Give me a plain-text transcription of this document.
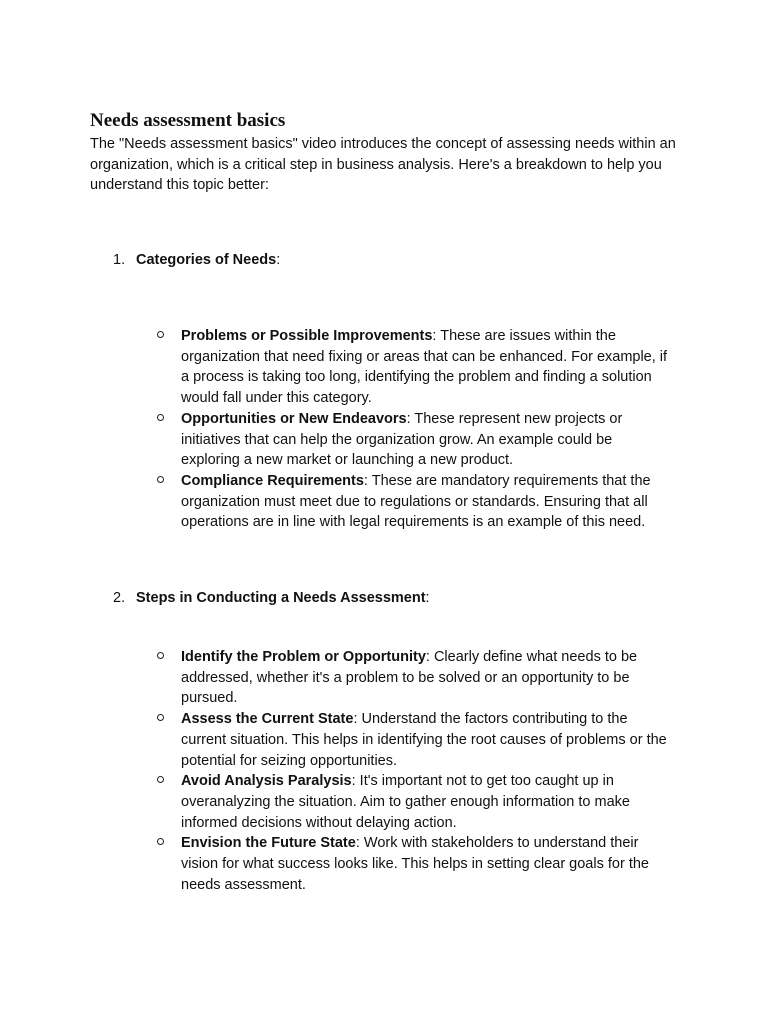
Needs assessment basics

The "Needs assessment basics" video introduces the concept of assessing needs within an organization, which is a critical step in business analysis. Here's a breakdown to help you understand this topic better:

1. Categories of Needs:
Problems or Possible Improvements: These are issues within the organization that need fixing or areas that can be enhanced. For example, if a process is taking too long, identifying the problem and finding a solution would fall under this category.
Opportunities or New Endeavors: These represent new projects or initiatives that can help the organization grow. An example could be exploring a new market or launching a new product.
Compliance Requirements: These are mandatory requirements that the organization must meet due to regulations or standards. Ensuring that all operations are in line with legal requirements is an example of this need.
2. Steps in Conducting a Needs Assessment:
Identify the Problem or Opportunity: Clearly define what needs to be addressed, whether it's a problem to be solved or an opportunity to be pursued.
Assess the Current State: Understand the factors contributing to the current situation. This helps in identifying the root causes of problems or the potential for seizing opportunities.
Avoid Analysis Paralysis: It's important not to get too caught up in overanalyzing the situation. Aim to gather enough information to make informed decisions without delaying action.
Envision the Future State: Work with stakeholders to understand their vision for what success looks like. This helps in setting clear goals for the needs assessment.
